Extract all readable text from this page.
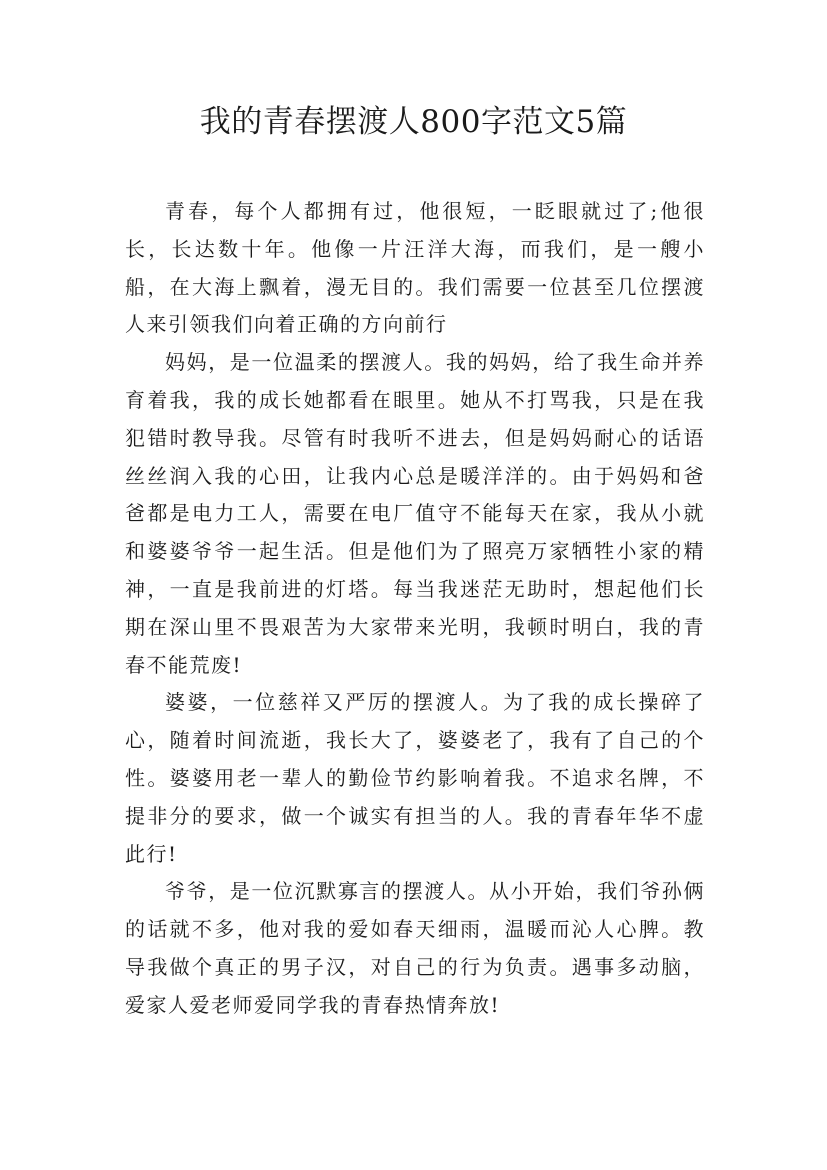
我的青春摆渡人800字范文5篇

青春，每个人都拥有过，他很短，一眨眼就过了;他很长，长达数十年。他像一片汪洋大海，而我们，是一艘小船，在大海上飘着，漫无目的。我们需要一位甚至几位摆渡人来引领我们向着正确的方向前行

妈妈，是一位温柔的摆渡人。我的妈妈，给了我生命并养育着我，我的成长她都看在眼里。她从不打骂我，只是在我犯错时教导我。尽管有时我听不进去，但是妈妈耐心的话语丝丝润入我的心田，让我内心总是暖洋洋的。由于妈妈和爸爸都是电力工人，需要在电厂值守不能每天在家，我从小就和婆婆爷爷一起生活。但是他们为了照亮万家牺牲小家的精神，一直是我前进的灯塔。每当我迷茫无助时，想起他们长期在深山里不畏艰苦为大家带来光明，我顿时明白，我的青春不能荒废!

婆婆，一位慈祥又严厉的摆渡人。为了我的成长操碎了心，随着时间流逝，我长大了，婆婆老了，我有了自己的个性。婆婆用老一辈人的勤俭节约影响着我。不追求名牌，不提非分的要求，做一个诚实有担当的人。我的青春年华不虚此行!

爷爷，是一位沉默寡言的摆渡人。从小开始，我们爷孙俩的话就不多，他对我的爱如春天细雨，温暖而沁人心脾。教导我做个真正的男子汉，对自己的行为负责。遇事多动脑，爱家人爱老师爱同学我的青春热情奔放!
